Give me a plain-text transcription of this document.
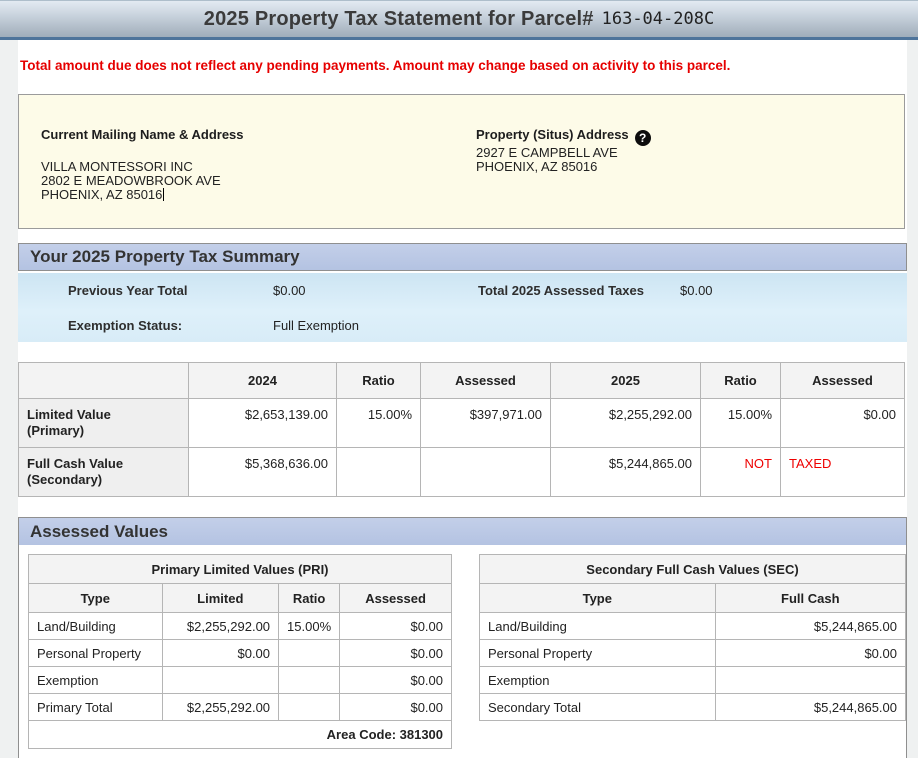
2025 Property Tax Statement for Parcel# 163-04-208C
Total amount due does not reflect any pending payments. Amount may change based on activity to this parcel.
Current Mailing Name & Address
VILLA MONTESSORI INC
2802 E MEADOWBROOK AVE
PHOENIX, AZ 85016
Property (Situs) Address ?
2927 E CAMPBELL AVE
PHOENIX, AZ 85016
Your 2025 Property Tax Summary
Previous Year Total	$0.00	Total 2025 Assessed Taxes	$0.00
Exemption Status:	Full Exemption
	2024	Ratio	Assessed	2025	Ratio	Assessed

Limited Value
(Primary)	$2,653,139.00	15.00%	$397,971.00	$2,255,292.00	15.00%	$0.00

Full Cash Value
(Secondary)	$5,368,636.00			$5,244,865.00	NOT	TAXED
Assessed Values
Primary Limited Values (PRI)			
Type	Limited	Ratio	Assessed
Land/Building	$2,255,292.00	15.00%	$0.00
Personal Property	$0.00		$0.00
Exemption			$0.00
Primary Total	$2,255,292.00		$0.00
Area Code: 381300			
Secondary Full Cash Values (SEC)	
Type	Full Cash
Land/Building	$5,244,865.00
Personal Property	$0.00
Exemption	
Secondary Total	$5,244,865.00
